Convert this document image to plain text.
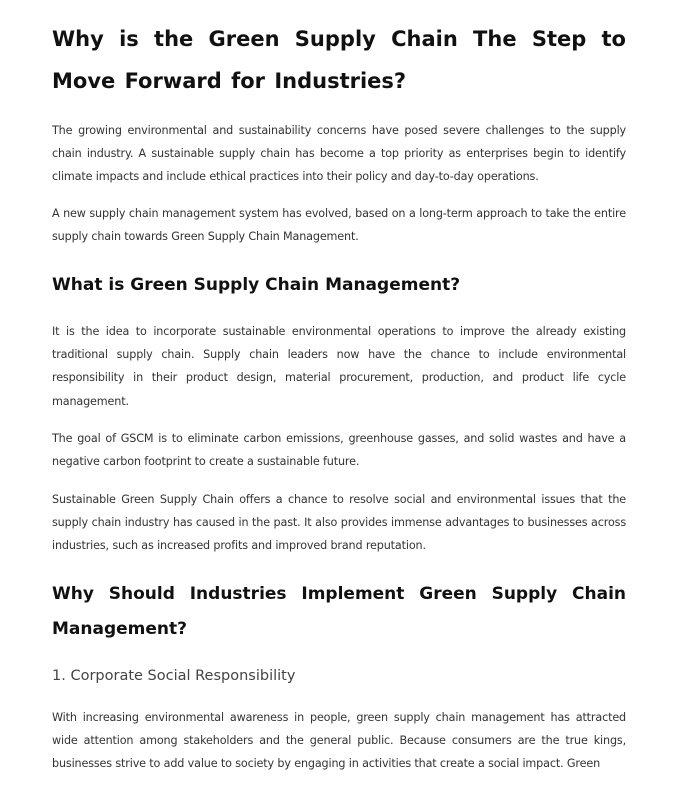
Why is the Green Supply Chain The Step to Move Forward for Industries?

The growing environmental and sustainability concerns have posed severe challenges to the supply chain industry. A sustainable supply chain has become a top priority as enterprises begin to identify climate impacts and include ethical practices into their policy and day-to-day operations.

A new supply chain management system has evolved, based on a long-term approach to take the entire supply chain towards Green Supply Chain Management.

What is Green Supply Chain Management?

It is the idea to incorporate sustainable environmental operations to improve the already existing traditional supply chain. Supply chain leaders now have the chance to include environmental responsibility in their product design, material procurement, production, and product life cycle management.

The goal of GSCM is to eliminate carbon emissions, greenhouse gasses, and solid wastes and have a negative carbon footprint to create a sustainable future.

Sustainable Green Supply Chain offers a chance to resolve social and environmental issues that the supply chain industry has caused in the past. It also provides immense advantages to businesses across industries, such as increased profits and improved brand reputation.

Why Should Industries Implement Green Supply Chain Management?
1. Corporate Social Responsibility

With increasing environmental awareness in people, green supply chain management has attracted wide attention among stakeholders and the general public. Because consumers are the true kings, businesses strive to add value to society by engaging in activities that create a social impact. Green
